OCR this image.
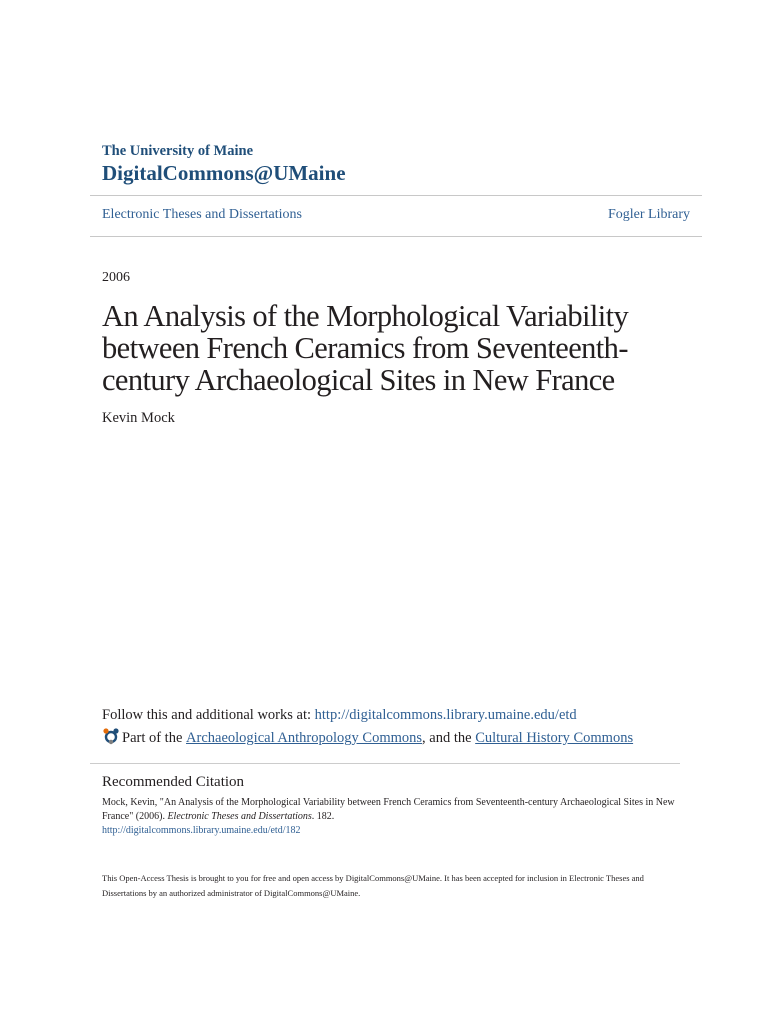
The University of Maine
DigitalCommons@UMaine
Electronic Theses and Dissertations	Fogler Library
2006
An Analysis of the Morphological Variability between French Ceramics from Seventeenth-century Archaeological Sites in New France
Kevin Mock
Follow this and additional works at: http://digitalcommons.library.umaine.edu/etd
Part of the
Archaeological Anthropology Commons , and the
Cultural History Commons
Recommended Citation
Mock, Kevin, "An Analysis of the Morphological Variability between French Ceramics from Seventeenth-century Archaeological Sites in New France" (2006). Electronic Theses and Dissertations. 182.
http://digitalcommons.library.umaine.edu/etd/182
This Open-Access Thesis is brought to you for free and open access by DigitalCommons@UMaine. It has been accepted for inclusion in Electronic Theses and Dissertations by an authorized administrator of DigitalCommons@UMaine.
